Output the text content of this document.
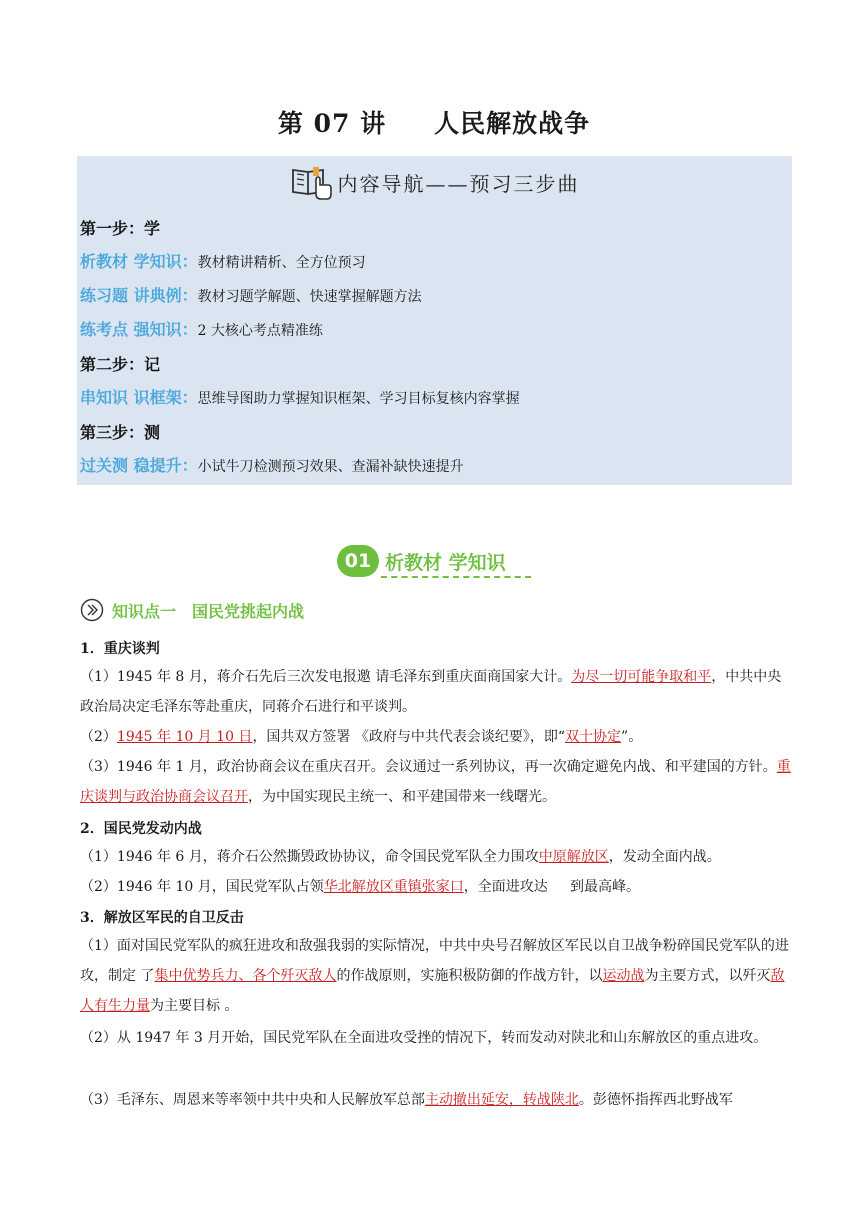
第 07 讲 人民解放战争
内容导航——预习三步曲
第一步：学
析教材 学知识：教材精讲精析、全方位预习
练习题 讲典例：教材习题学解题、快速掌握解题方法
练考点 强知识：2 大核心考点精准练
第二步：记
串知识 识框架：思维导图助力掌握知识框架、学习目标复核内容掌握
第三步：测
过关测 稳提升：小试牛刀检测预习效果、查漏补缺快速提升
01 析教材 学知识
知识点一 国民党挑起内战
1．重庆谈判
（1）1945 年 8 月，蒋介石先后三次发电报邀 请毛泽东到重庆面商国家大计。为尽一切可能争取和平，中共中央政治局决定毛泽东等赴重庆，同蒋介石进行和平谈判。
（2）1945 年 10 月 10 日，国共双方签署 《政府与中共代表会谈纪要》，即“双十协定”。
（3）1946 年 1 月，政治协商会议在重庆召开。会议通过一系列协议，再一次确定避免内战、和平建国的方针。重庆谈判与政治协商会议召开，为中国实现民主统一、和平建国带来一线曙光。
2．国民党发动内战
（1）1946 年 6 月，蒋介石公然撕毁政协协议，命令国民党军队全力围攻中原解放区，发动全面内战。
（2）1946 年 10 月，国民党军队占领华北解放区重镇张家口，全面进攻达     到最高峰。
3．解放区军民的自卫反击
（1）面对国民党军队的疯狂进攻和敌强我弱的实际情况，中共中央号召解放区军民以自卫战争粉碎国民党军队的进攻，制定 了集中优势兵力、各个歼灭敌人的作战原则，实施积极防御的作战方针，以运动战为主要方式，以歼灭敌人有生力量为主要目标 。
（2）从 1947 年 3 月开始，国民党军队在全面进攻受挫的情况下，转而发动对陕北和山东解放区的重点进攻。
（3）毛泽东、周恩来等率领中共中央和人民解放军总部主动撤出延安，转战陕北。彭德怀指挥西北野战军
